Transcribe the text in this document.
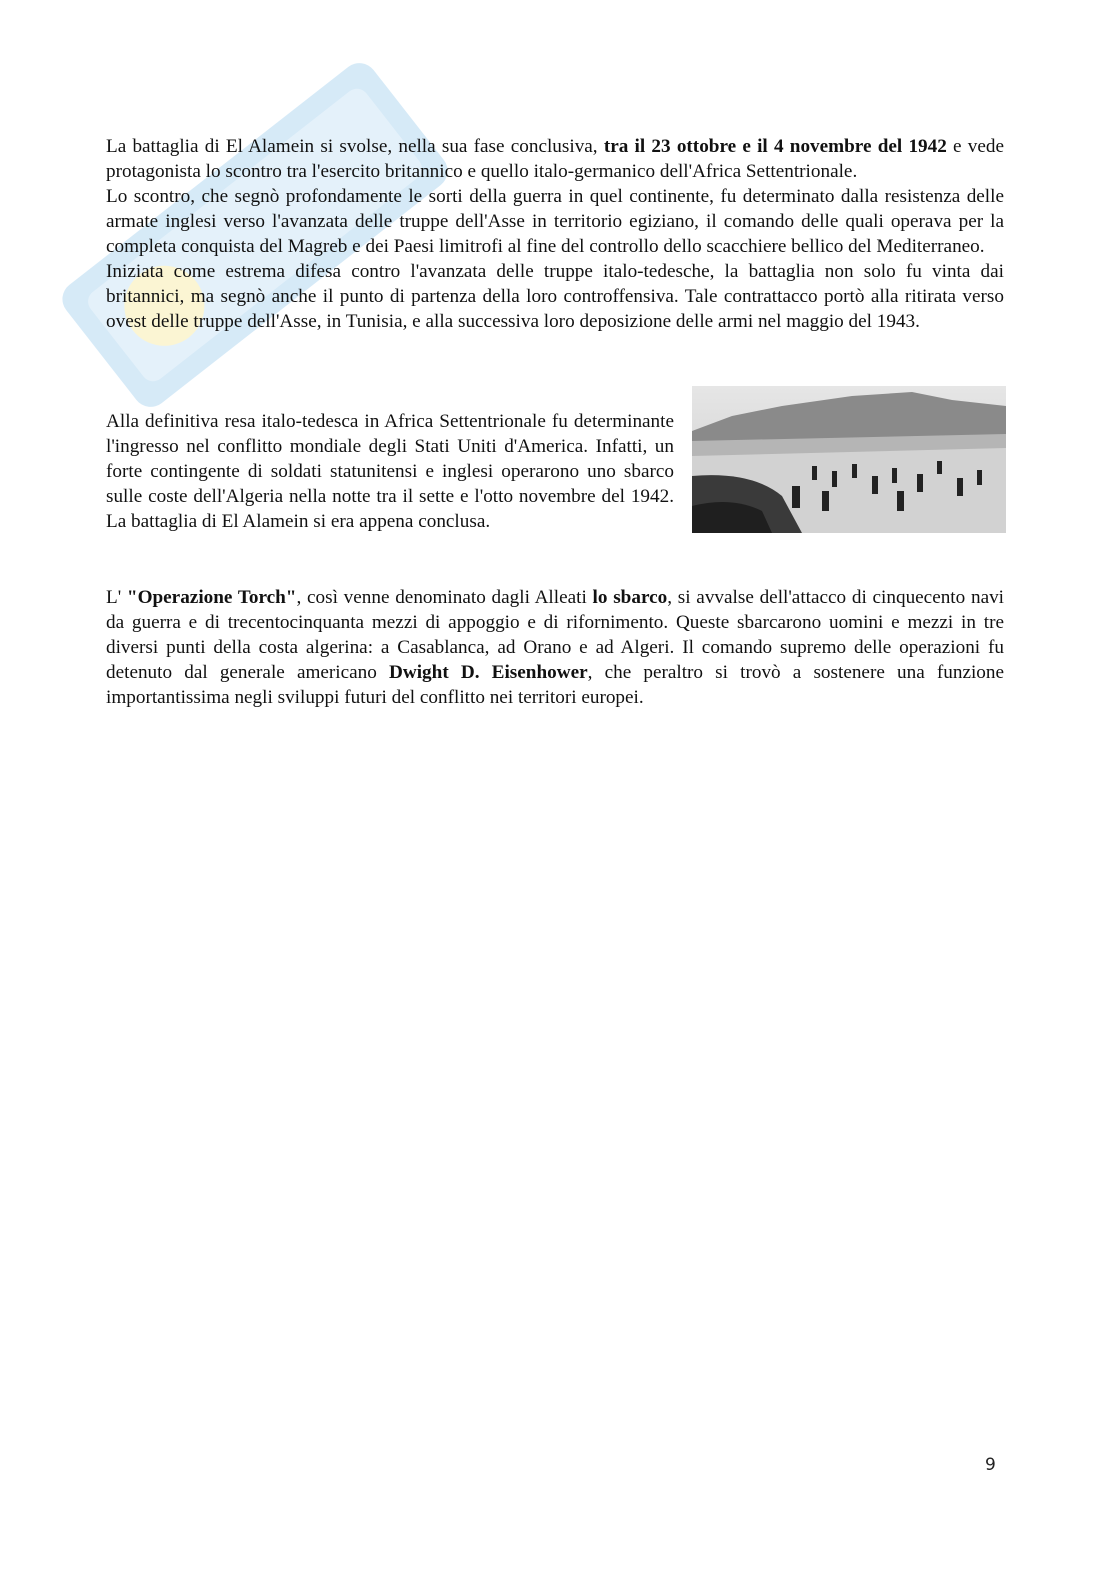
La battaglia di El Alamein si svolse, nella sua fase conclusiva, tra il 23 ottobre e il 4 novembre del 1942 e vede protagonista lo scontro tra l'esercito britannico e quello italo-germanico dell'Africa Settentrionale.

Lo scontro, che segnò profondamente le sorti della guerra in quel continente, fu determinato dalla resistenza delle armate inglesi verso l'avanzata delle truppe dell'Asse in territorio egiziano, il comando delle quali operava per la completa conquista del Magreb e dei Paesi limitrofi al fine del controllo dello scacchiere bellico del Mediterraneo.

Iniziata come estrema difesa contro l'avanzata delle truppe italo-tedesche, la battaglia non solo fu vinta dai britannici, ma segnò anche il punto di partenza della loro controffensiva. Tale contrattacco portò alla ritirata verso ovest delle truppe dell'Asse, in Tunisia, e alla successiva loro deposizione delle armi nel maggio del 1943.

Alla definitiva resa italo-tedesca in Africa Settentrionale fu determinante l'ingresso nel conflitto mondiale degli Stati Uniti d'America. Infatti, un forte contingente di soldati statunitensi e inglesi operarono uno sbarco sulle coste dell'Algeria nella notte tra il sette e l'otto novembre del 1942. La battaglia di El Alamein si era appena conclusa.

L' "Operazione Torch", così venne denominato dagli Alleati lo sbarco, si avvalse dell'attacco di cinquecento navi da guerra e di trecentocinquanta mezzi di appoggio e di rifornimento. Queste sbarcarono uomini e mezzi in tre diversi punti della costa algerina: a Casablanca, ad Orano e ad Algeri. Il comando supremo delle operazioni fu detenuto dal generale americano Dwight D. Eisenhower, che peraltro si trovò a sostenere una funzione importantissima negli sviluppi futuri del conflitto nei territori europei.

9
